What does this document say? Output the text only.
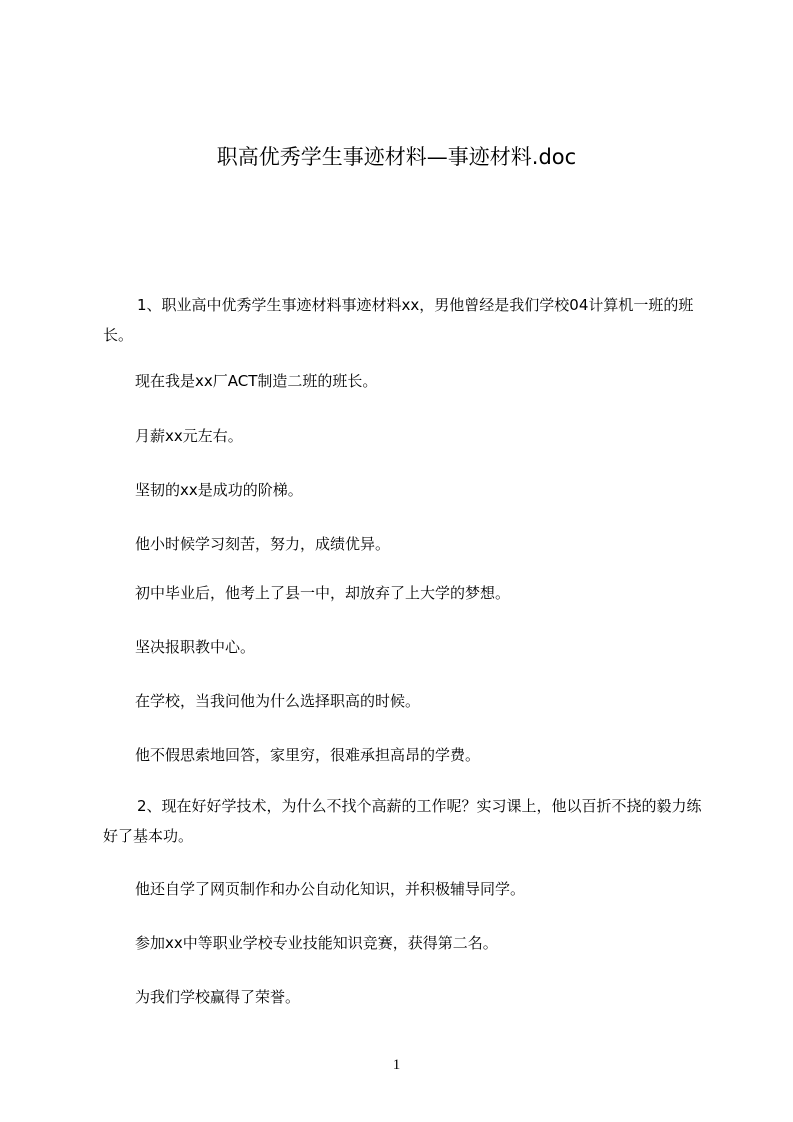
职高优秀学生事迹材料—事迹材料.doc

1、职业高中优秀学生事迹材料事迹材料xx，男他曾经是我们学校04计算机一班的班长。

现在我是xx厂ACT制造二班的班长。

月薪xx元左右。

坚韧的xx是成功的阶梯。

他小时候学习刻苦，努力，成绩优异。

初中毕业后，他考上了县一中，却放弃了上大学的梦想。

坚决报职教中心。

在学校，当我问他为什么选择职高的时候。

他不假思索地回答，家里穷，很难承担高昂的学费。

2、现在好好学技术，为什么不找个高薪的工作呢？实习课上，他以百折不挠的毅力练好了基本功。

他还自学了网页制作和办公自动化知识，并积极辅导同学。

参加xx中等职业学校专业技能知识竞赛，获得第二名。

为我们学校赢得了荣誉。

1
